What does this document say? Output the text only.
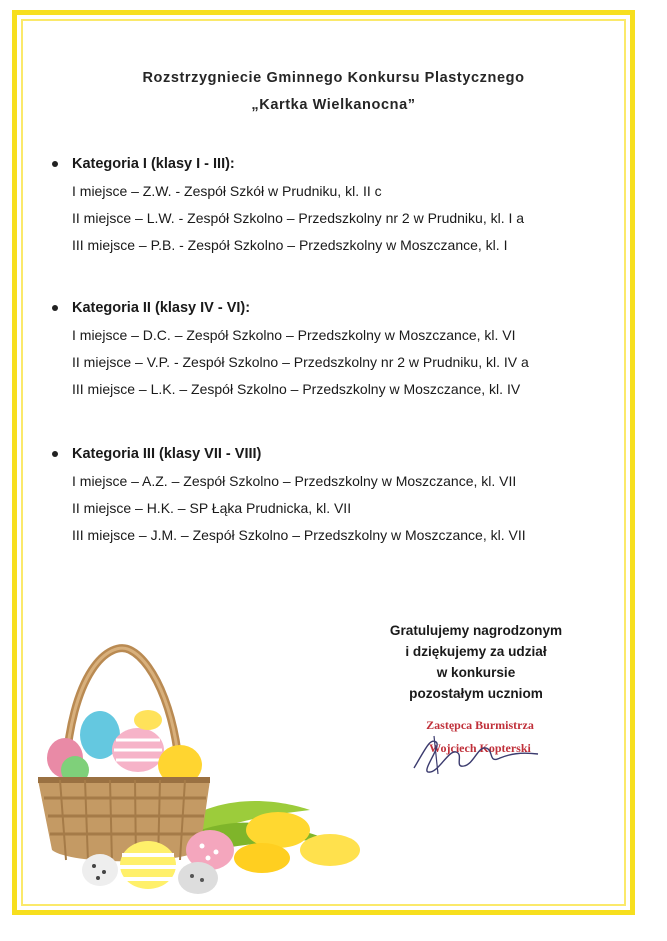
Rozstrzygniecie Gminnego Konkursu Plastycznego
„Kartka Wielkanocna”
Kategoria I (klasy I - III):
I miejsce – Z.W. - Zespół Szkół w Prudniku, kl. II c
II miejsce – L.W. - Zespół Szkolno – Przedszkolny nr 2 w Prudniku, kl. I a
III miejsce – P.B. - Zespół Szkolno – Przedszkolny w Moszczance, kl. I
Kategoria II (klasy IV - VI):
I miejsce – D.C. – Zespół Szkolno – Przedszkolny w Moszczance, kl. VI
II miejsce – V.P. - Zespół Szkolno – Przedszkolny nr 2 w Prudniku, kl. IV a
III miejsce – L.K. – Zespół Szkolno – Przedszkolny w Moszczance, kl. IV
Kategoria III (klasy VII - VIII)
I miejsce – A.Z. – Zespół Szkolno – Przedszkolny w Moszczance, kl. VII
II miejsce – H.K. – SP Łąka Prudnicka, kl. VII
III miejsce – J.M. – Zespół Szkolno – Przedszkolny w Moszczance, kl. VII
Gratulujemy nagrodzonym
i dziękujemy za udział
w konkursie
pozostałym uczniom
Zastępca Burmistrza
Wojciech Kopterski
